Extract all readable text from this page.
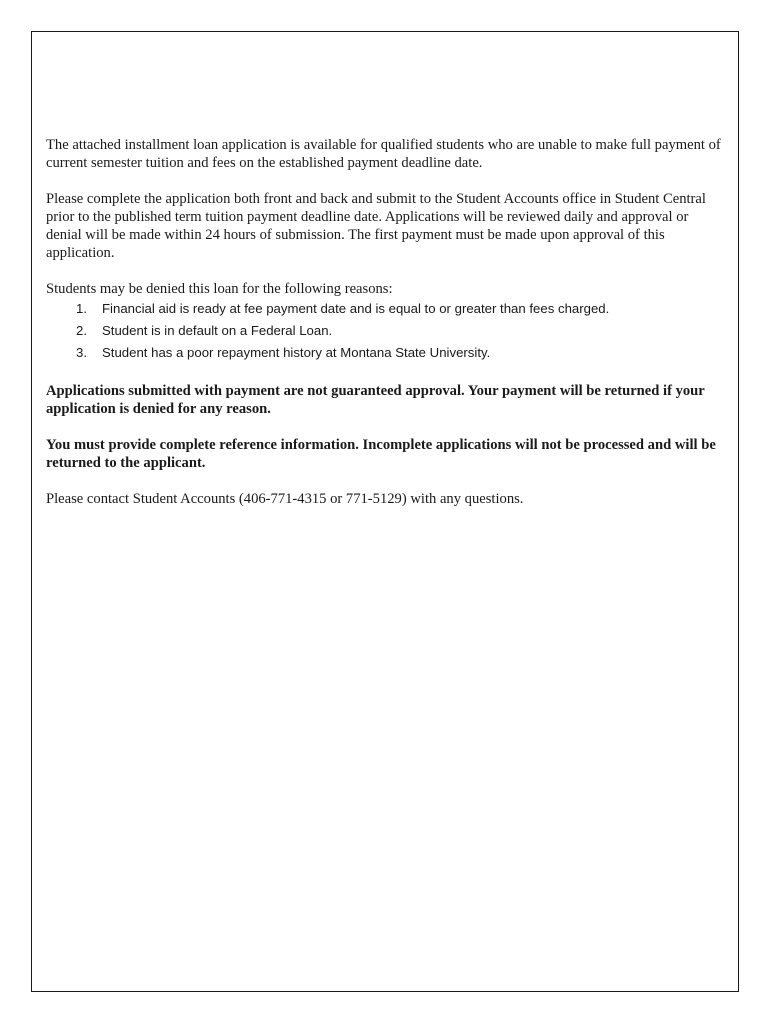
The attached installment loan application is available for qualified students who are unable to make full payment of current semester tuition and fees on the established payment deadline date.

Please complete the application both front and back and submit to the Student Accounts office in Student Central prior to the published term tuition payment deadline date. Applications will be reviewed daily and approval or denial will be made within 24 hours of submission. The first payment must be made upon approval of this application.

Students may be denied this loan for the following reasons:

1.	Financial aid is ready at fee payment date and is equal to or greater than fees charged.
2.	Student is in default on a Federal Loan.
3.	Student has a poor repayment history at Montana State University.

Applications submitted with payment are not guaranteed approval. Your payment will be returned if your application is denied for any reason.

You must provide complete reference information. Incomplete applications will not be processed and will be returned to the applicant.

Please contact Student Accounts (406-771-4315 or 771-5129) with any questions.
